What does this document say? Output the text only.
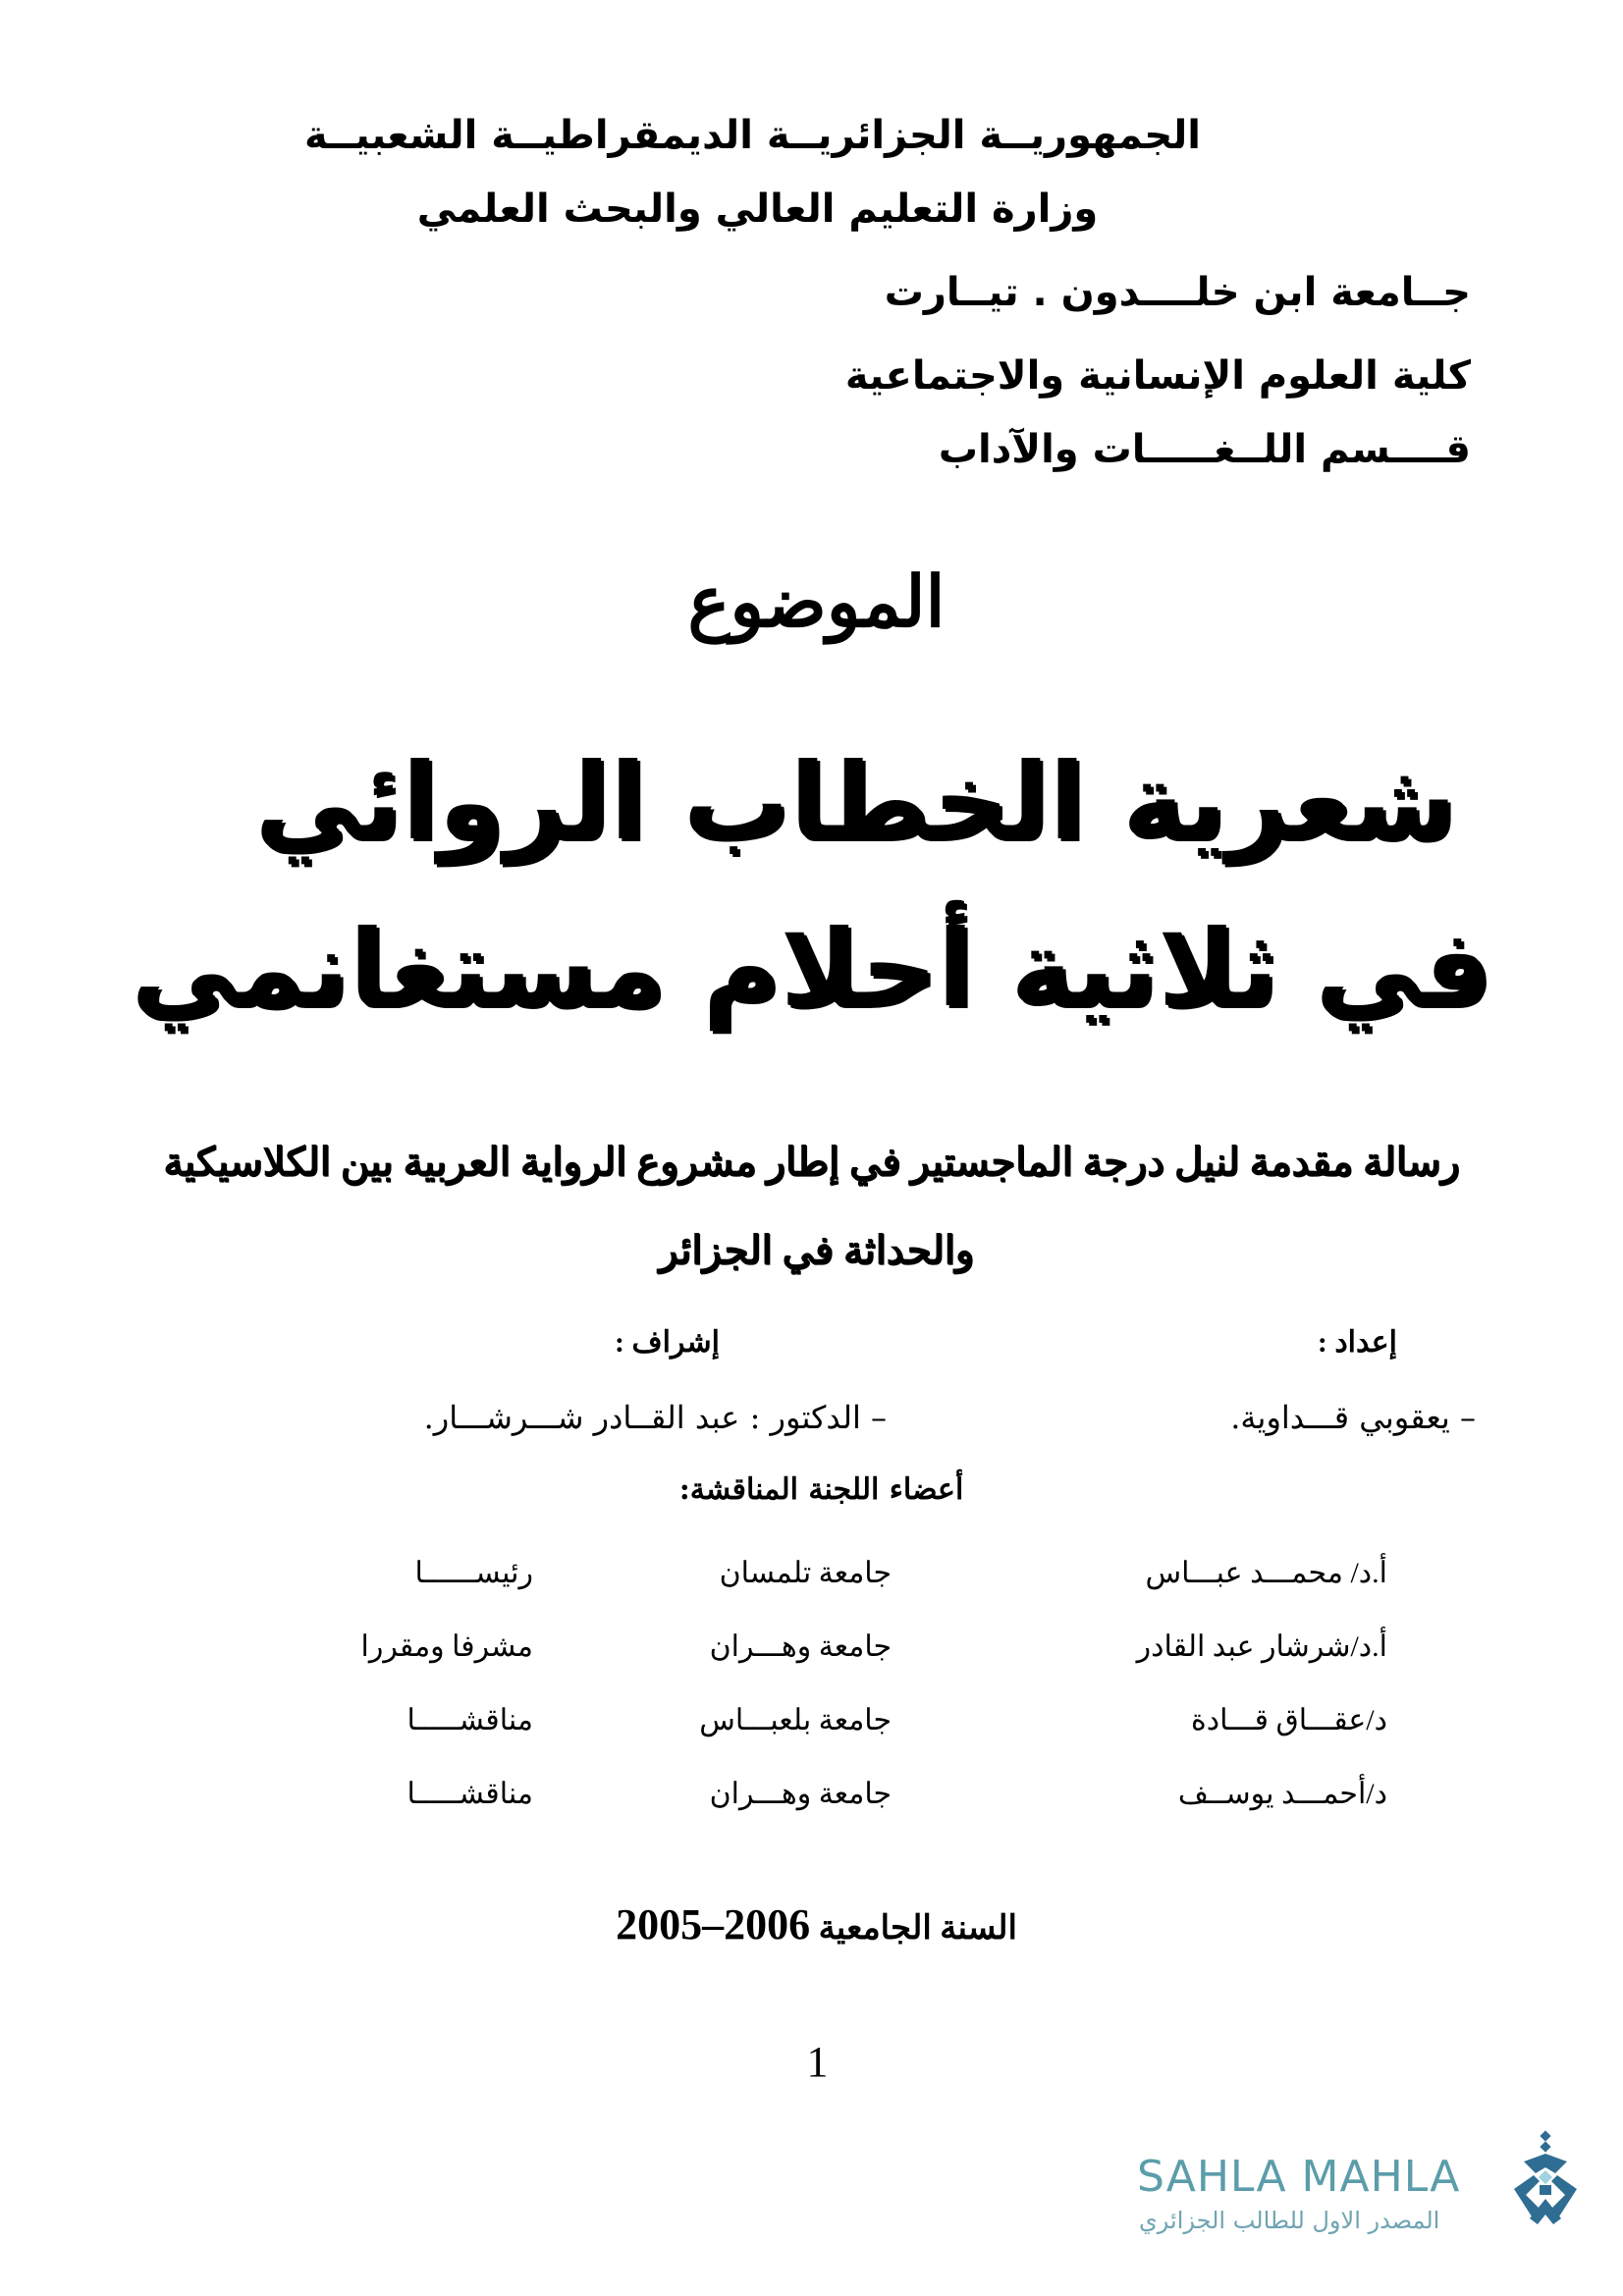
الجمهوريــة الجزائريــة الديمقراطيــة الشعبيــة
وزارة التعليم العالي والبحث العلمي
جــامعة ابن خلــــدون . تيــارت
كلية العلوم الإنسانية والاجتماعية
قــــسم اللــغـــــات والآداب
الموضوع
شعرية الخطاب الروائي
في ثلاثية أحلام مستغانمي
رسالة مقدمة لنيل درجة الماجستير في إطار مشروع الرواية العربية بين الكلاسيكية
والحداثة في الجزائر
إعداد :
إشراف :
– يعقوبي قـــداوية.
– الدكتور : عبد القــادر شـــرشـــار.
أعضاء اللجنة المناقشة:
أ.د/ محمـــد عبـــاس
جامعة تلمسان
رئيســــــا
أ.د/شرشار عبد القادر
جامعة وهـــران
مشرفا ومقررا
د/عقـــاق قـــادة
جامعة بلعبـــاس
مناقشـــــا
د/أحمـــد يوســف
جامعة وهـــران
مناقشـــــا
السنة الجامعية 2006–2005
1
SAHLA MAHLA
المصدر الاول للطالب الجزائري
